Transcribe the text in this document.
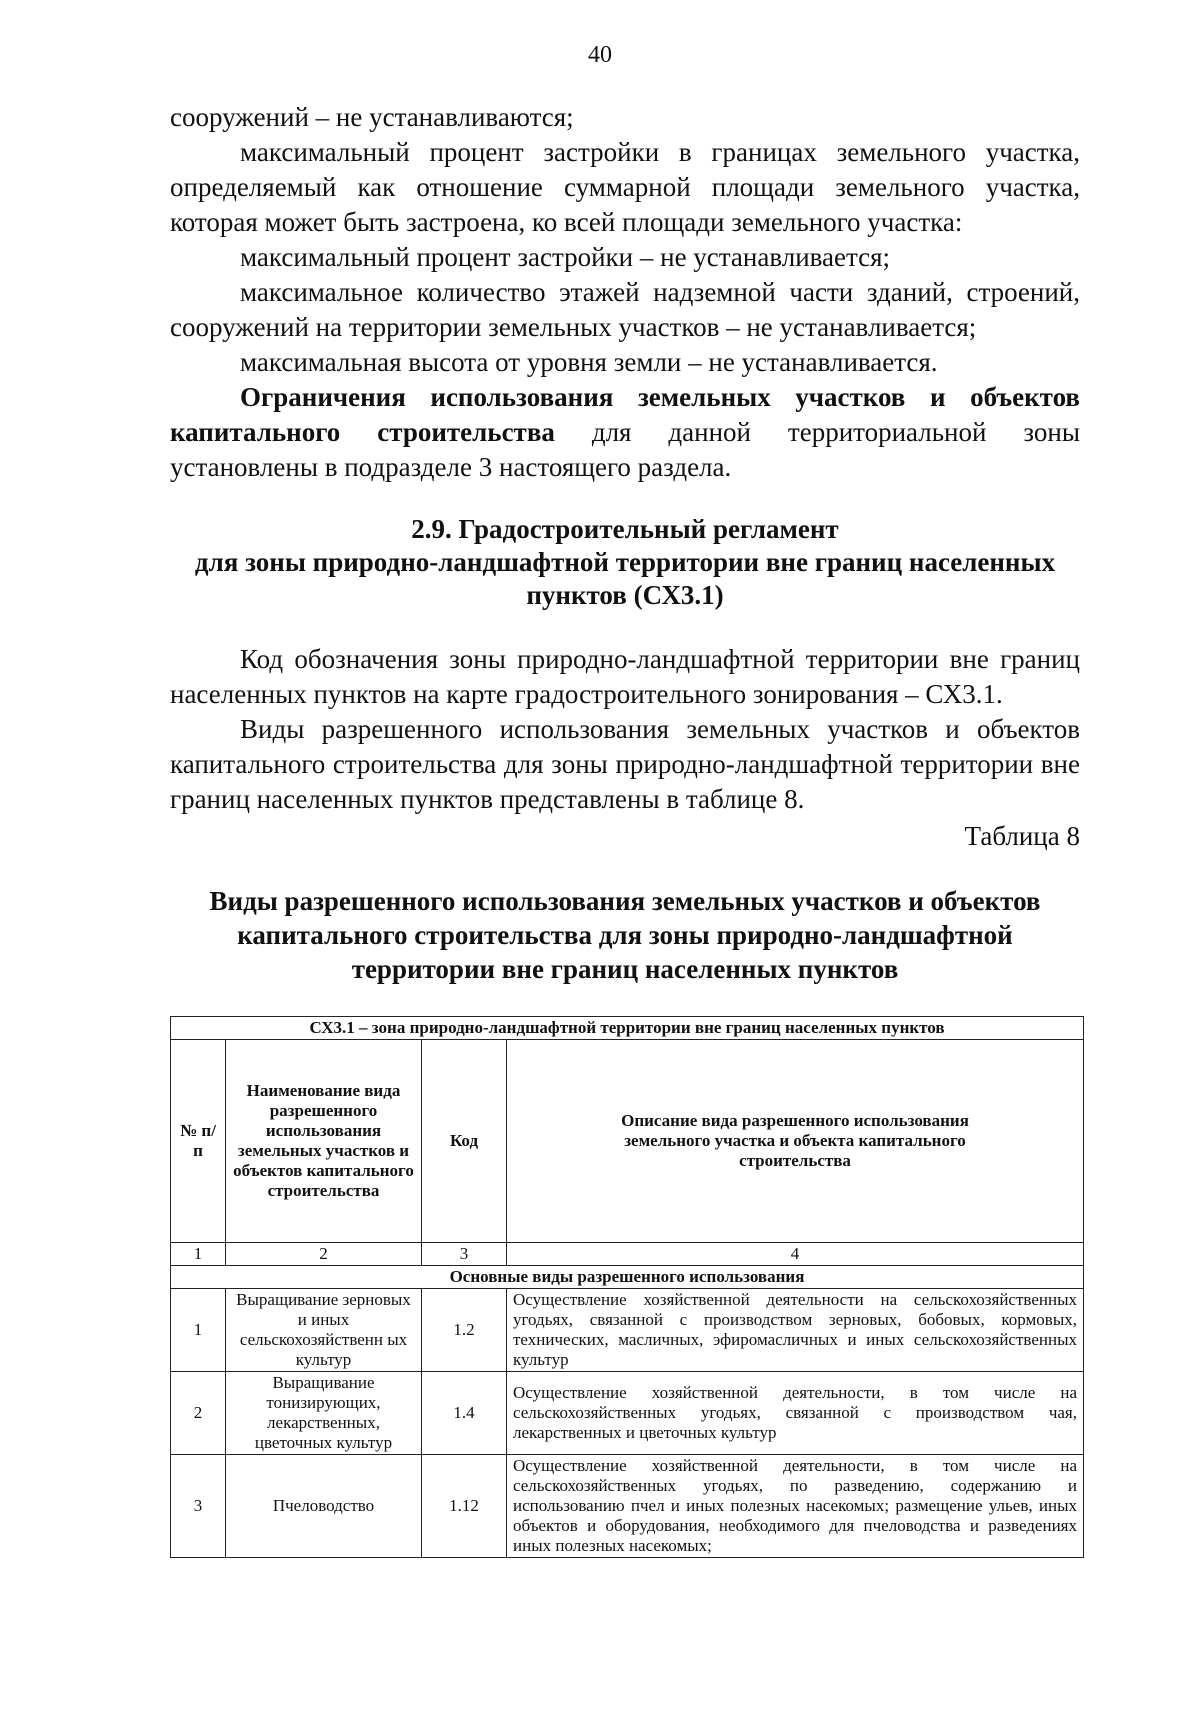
40

сооружений – не устанавливаются;

максимальный процент застройки в границах земельного участка, определяемый как отношение суммарной площади земельного участка, которая может быть застроена, ко всей площади земельного участка:

максимальный процент застройки – не устанавливается;

максимальное количество этажей надземной части зданий, строений, сооружений на территории земельных участков – не устанавливается;

максимальная высота от уровня земли – не устанавливается.

Ограничения использования земельных участков и объектов капитального строительства для данной территориальной зоны установлены в подразделе 3 настоящего раздела.

2.9. Градостроительный регламент
для зоны природно-ландшафтной территории вне границ населенных
пунктов (СХ3.1)

Код обозначения зоны природно-ландшафтной территории вне границ населенных пунктов на карте градостроительного зонирования – СХ3.1.

Виды разрешенного использования земельных участков и объектов капитального строительства для зоны природно-ландшафтной территории вне границ населенных пунктов представлены в таблице 8.

Таблица 8

Виды разрешенного использования земельных участков и объектов
капитального строительства для зоны природно-ландшафтной
территории вне границ населенных пунктов

СХ3.1 – зона природно-ландшафтной территории вне границ населенных пунктов			
№ п/п	Наименование вида разрешенного использования земельных участков и объектов капитального строительства	Код	Описание вида разрешенного использования земельного участка и объекта капитального строительства
1	2	3	4
Основные виды разрешенного использования			
1	Выращивание зерновых и иных сельскохозяйственн ых культур	1.2	Осуществление хозяйственной деятельности на сельскохозяйственных угодьях, связанной с производством зерновых, бобовых, кормовых, технических, масличных, эфиромасличных и иных сельскохозяйственных культур
2	Выращивание тонизирующих, лекарственных, цветочных культур	1.4	Осуществление хозяйственной деятельности, в том числе на сельскохозяйственных угодьях, связанной с производством чая, лекарственных и цветочных культур
3	Пчеловодство	1.12	Осуществление хозяйственной деятельности, в том числе на сельскохозяйственных угодьях, по разведению, содержанию и использованию пчел и иных полезных насекомых; размещение ульев, иных объектов и оборудования, необходимого для пчеловодства и разведениях иных полезных насекомых;
